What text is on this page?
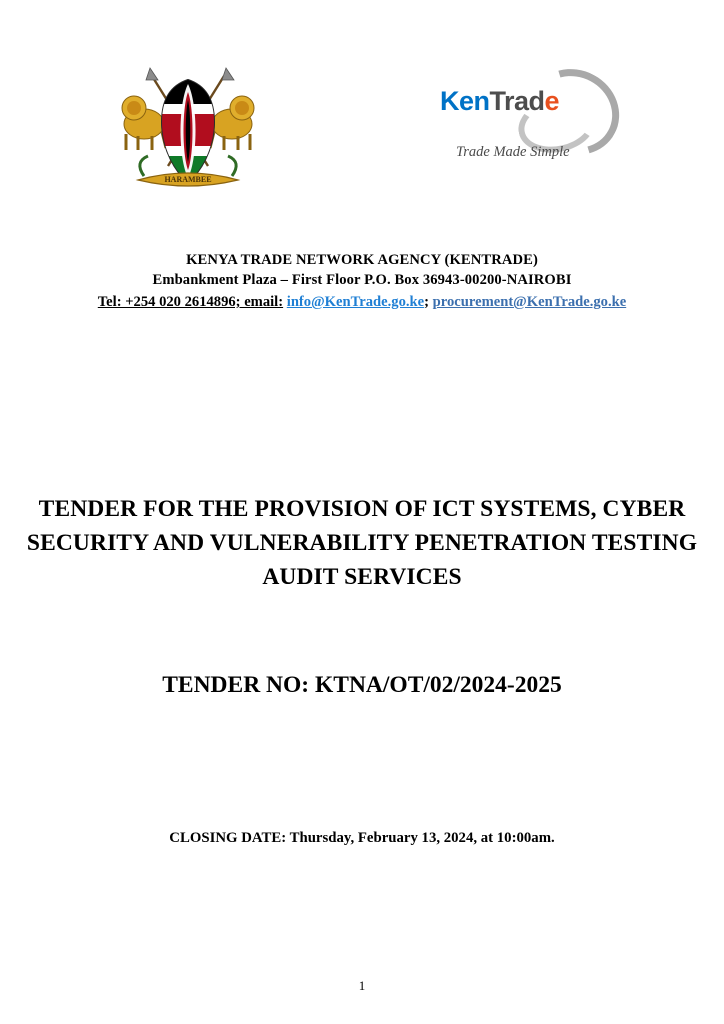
HARAMBEE
KenTrade
Trade Made Simple
KENYA TRADE NETWORK AGENCY (KENTRADE)
Embankment Plaza – First Floor P.O. Box 36943-00200-NAIROBI
Tel: +254 020 2614896; email: info@KenTrade.go.ke; procurement@KenTrade.go.ke
TENDER FOR THE PROVISION OF ICT SYSTEMS, CYBER SECURITY AND VULNERABILITY PENETRATION TESTING AUDIT SERVICES
TENDER NO: KTNA/OT/02/2024-2025
CLOSING DATE: Thursday, February 13, 2024, at 10:00am.
1
